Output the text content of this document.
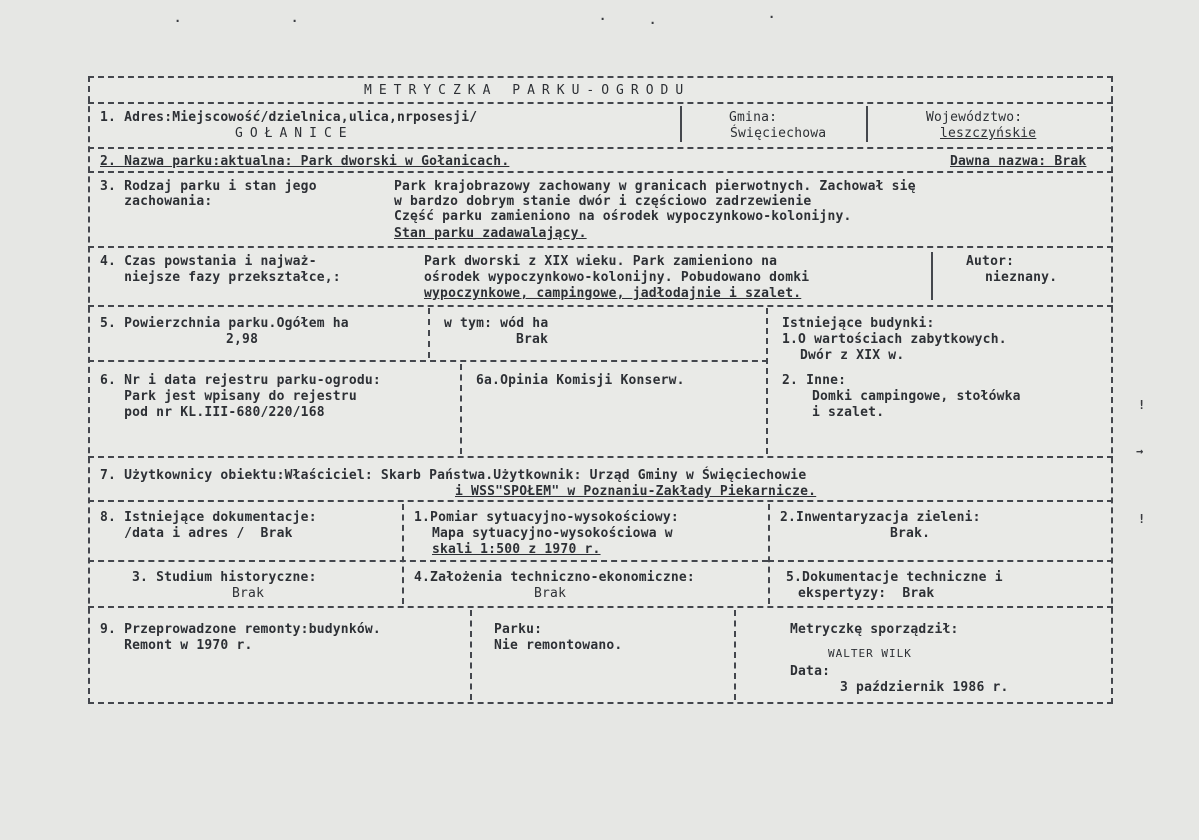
METRYCZKA PARKU-OGRODU
1. Adres:Miejscowość/dzielnica,ulica,nrposesji/
GOŁANICE
Gmina:
Święciechowa
Województwo:
leszczyńskie
2. Nazwa parku:aktualna: Park dworski w Gołanicach.	Dawna nazwa: Brak
3. Rodzaj parku i stan jego
zachowania:
Park krajobrazowy zachowany w granicach pierwotnych. Zachował się
w bardzo dobrym stanie dwór i częściowo zadrzewienie
Część parku zamieniono na ośrodek wypoczynkowo-kolonijny.
Stan parku zadawalający.
4. Czas powstania i najważ-
niejsze fazy przekształce,:
Park dworski z XIX wieku. Park zamieniono na
ośrodek wypoczynkowo-kolonijny. Pobudowano domki
wypoczynkowe, campingowe, jadłodajnie i szalet.
Autor:
nieznany.
5. Powierzchnia parku.Ogółem ha
2,98
w tym: wód ha
Brak
Istniejące budynki:
1.O wartościach zabytkowych.
Dwór z XIX w.
6. Nr i data rejestru parku-ogrodu:
Park jest wpisany do rejestru
pod nr KL.III-680/220/168
6a.Opinia Komisji Konserw.	2. Inne:
Domki campingowe, stołówka
i szalet.
7. Użytkownicy obiektu:Właściciel: Skarb Państwa.Użytkownik: Urząd Gminy w Święciechowie
i WSS"SPOŁEM" w Poznaniu-Zakłady Piekarnicze.
8. Istniejące dokumentacje:
/data i adres /  Brak
1.Pomiar sytuacyjno-wysokościowy:
Mapa sytuacyjno-wysokościowa w
skali 1:500 z 1970 r.
2.Inwentaryzacja zieleni:
Brak.
3. Studium historyczne:
Brak
4.Założenia techniczno-ekonomiczne:
Brak
5.Dokumentacje techniczne i
ekspertyzy:  Brak
9. Przeprowadzone remonty:budynków.
Remont w 1970 r.
Parku:
Nie remontowano.
Metryczkę sporządził:
WALTER WILK
Data:
3 październik 1986 r.
·	·	·	·	·
!
→
!
